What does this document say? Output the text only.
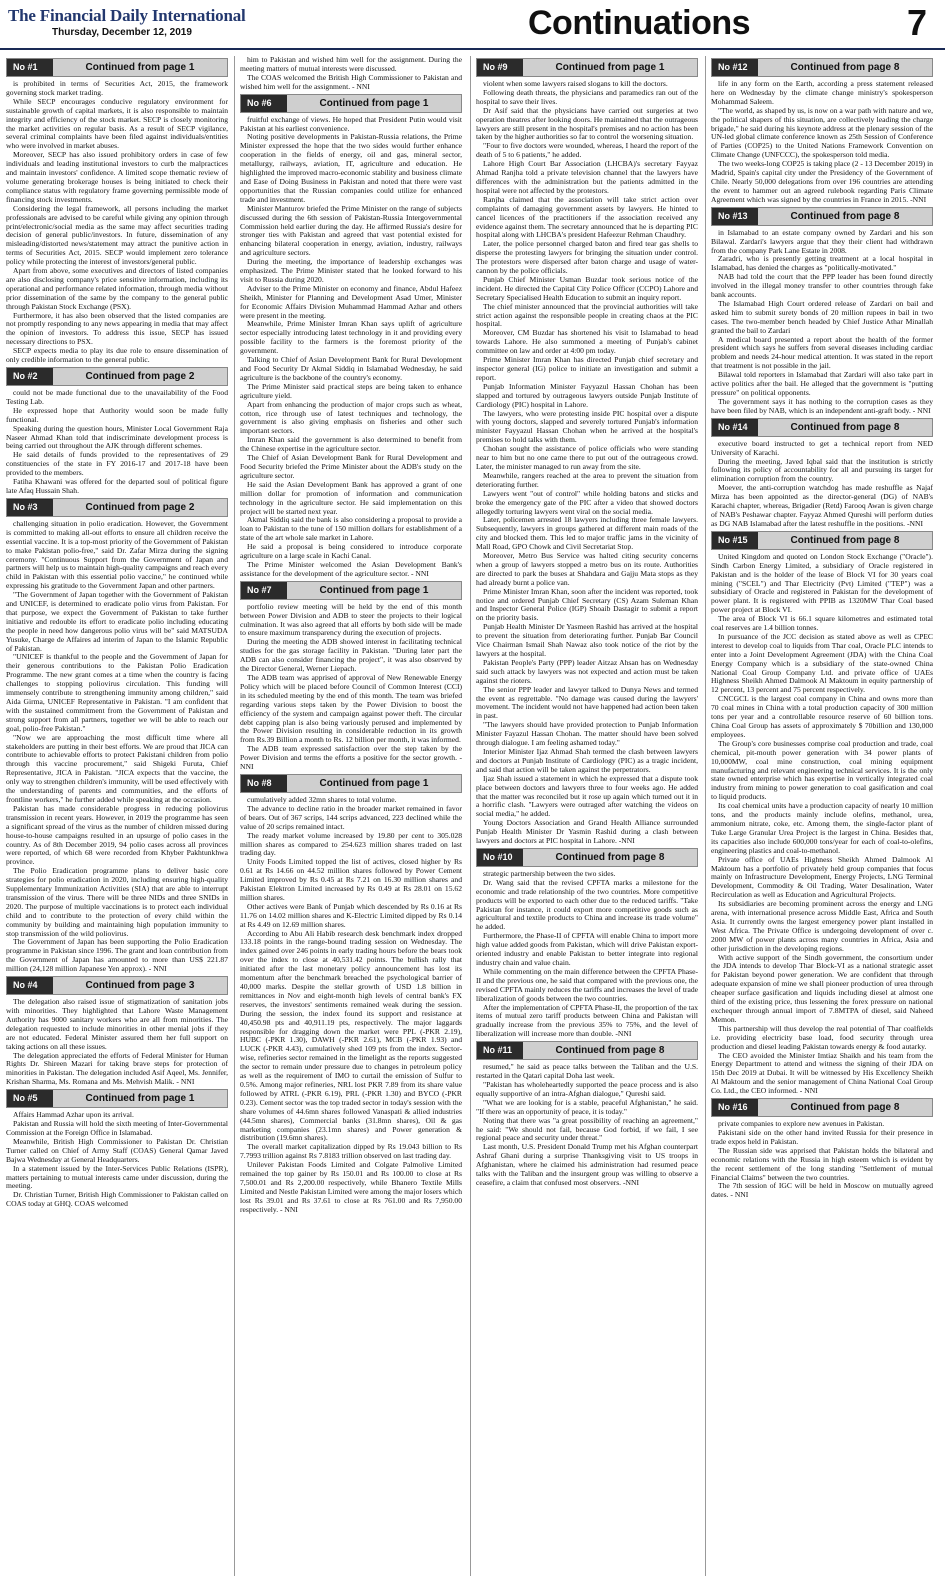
The Financial Daily International
Thursday, December 12, 2019	Continuations	7
No #1	Continued from page 1

is prohibited in terms of Securities Act, 2015, the framework governing stock market trading.

While SECP encourages conducive regulatory environment for sustainable growth of capital markets, it is also responsible to maintain integrity and efficiency of the stock market. SECP is closely monitoring the market activities on regular basis. As a result of SECP vigilance, several criminal complaints have been filed against individuals/entities who were involved in market abuses.

Moreover, SECP has also issued prohibitory orders in case of few individuals and leading institutional investors to curb the malpractices and maintain investors' confidence. A limited scope thematic review of volume generating brokerage houses is being initiated to check their compliance status with regulatory frame governing permissible mode of financing stock investments.

Considering the legal framework, all persons including the market professionals are advised to be careful while giving any opinion through print/electronic/social media as the same may affect securities trading decision of general public/investors. In future, dissemination of any misleading/distorted news/statement may attract the punitive action in terms of Securities Act, 2015. SECP would implement zero tolerance policy while protecting the interest of investors/general public.

Apart from above, some executives and directors of listed companies are also disclosing company's price sensitive information, including its operational and performance related information, through media without prior dissemination of the same by the company to the general public through Pakistan Stock Exchange (PSX).

Furthermore, it has also been observed that the listed companies are not promptly responding to any news appearing in media that may affect the opinion of investors. To address this issue, SECP has issued necessary directions to PSX.

SECP expects media to play its due role to ensure dissemination of only credible information to the general public.

No #2	Continued from page 2

could not be made functional due to the unavailability of the Food Testing Lab.

He expressed hope that Authority would soon be made fully functional.

Speaking during the question hours, Minister Local Government Raja Naseer Ahmad Khan told that indiscriminate development process is being carried out throughout the AJK through different schemes.

He said details of funds provided to the representatives of 29 constituencies of the state in FY 2016-17 and 2017-18 have been provided to the members.

Fatiha Khawani was offered for the departed soul of political figure late Afaq Hussain Shah.

No #3	Continued from page 2

challenging situation in polio eradication. However, the Government is committed to making all-out efforts to ensure all children receive the essential vaccine. It is a top-most priority of the Government of Pakistan to make Pakistan polio-free," said Dr. Zafar Mirza during the signing ceremony. "Continuous Support from the Government of Japan and partners will help us to maintain high-quality campaigns and reach every child in Pakistan with this essential polio vaccine," he continued while expressing his gratitude to the Government Japan and other partners.

"The Government of Japan together with the Government of Pakistan and UNICEF, is determined to eradicate polio virus from Pakistan. For that purpose, we expect the Government of Pakistan to take further initiative and redouble its effort to eradicate polio including educating the people in need how dangerous polio virus will be" said MATSUDA Yusuke, Charge de Affaires ad interim of Japan to the Islamic Republic of Pakistan.

"UNICEF is thankful to the people and the Government of Japan for their generous contributions to the Pakistan Polio Eradication Programme. The new grant comes at a time when the country is facing challenges to stopping poliovirus circulation. This funding will immensely contribute to strengthening immunity among children," said Aida Girma, UNICEF Representative in Pakistan. "I am confident that with the sustained commitment from the Government of Pakistan and strong support from all partners, together we will be able to reach our goal, polio-free Pakistan."

"Now we are approaching the most difficult time where all stakeholders are putting in their best efforts. We are proud that JICA can contribute to achievable efforts to protect Pakistani children from polio through this vaccine procurement," said Shigeki Furuta, Chief Representative, JICA in Pakistan. "JICA expects that the vaccine, the only way to strengthen children's immunity, will be used effectively with the understanding of parents and communities, and the efforts of frontline workers," he further added while speaking at the occasion.

Pakistan has made considerable progress in reducing poliovirus transmission in recent years. However, in 2019 the programme has seen a significant spread of the virus as the number of children missed during house-to-house campaigns resulted in an upsurge of polio cases in the country. As of 8th December 2019, 94 polio cases across all provinces were reported, of which 68 were recorded from Khyber Pakhtunkhwa province.

The Polio Eradication programme plans to deliver basic core strategies for polio eradication in 2020, including ensuring high-quality Supplementary Immunization Activities (SIA) that are able to interrupt transmission of the virus. There will be three NIDs and three SNIDs in 2020. The purpose of multiple vaccinations is to protect each individual child and to contribute to the protection of every child within the community by building and maintaining high population immunity to stop transmission of the wild poliovirus.

The Government of Japan has been supporting the Polio Eradication programme in Pakistan since 1996. The grant and loan contribution from the Government of Japan has amounted to more than US$ 221.87 million (24,128 million Japanese Yen approx). - NNI

No #4	Continued from page 3

The delegation also raised issue of stigmatization of sanitation jobs with minorities. They highlighted that Lahore Waste Management Authority has 9000 sanitary workers who are all from minorities. The delegation requested to include minorities in other menial jobs if they are not educated. Federal Minister assured them her full support on taking actions on all these issues.

The delegation appreciated the efforts of Federal Minister for Human Rights Dr. Shireen Mazari for taking brave steps for protection of minorities in Pakistan. The delegation included Asif Aqeel, Ms. Jennifer, Krishan Sharma, Ms. Romana and Ms. Mehvish Malik. - NNI

No #5	Continued from page 1

Affairs Hammad Azhar upon its arrival.

Pakistan and Russia will hold the sixth meeting of Inter-Governmental Commission at the Foreign Office in Islamabad.

Meanwhile, British High Commissioner to Pakistan Dr. Christian Turner called on Chief of Army Staff (COAS) General Qamar Javed Bajwa Wednesday at General Headquarters.

In a statement issued by the Inter-Services Public Relations (ISPR), matters pertaining to mutual interests came under discussion, during the meeting.

Dr. Christian Turner, British High Commissioner to Pakistan called on COAS today at GHQ. COAS welcomed

him to Pakistan and wished him well for the assignment. During the meeting matters of mutual interests were discussed.

The COAS welcomed the British High Commissioner to Pakistan and wished him well for the assignment. - NNI

No #6	Continued from page 1

fruitful exchange of views. He hoped that President Putin would visit Pakistan at his earliest convenience.

Noting positive developments in Pakistan-Russia relations, the Prime Minister expressed the hope that the two sides would further enhance cooperation in the fields of energy, oil and gas, mineral sector, metallurgy, railways, aviation, IT, agriculture and education. He highlighted the improved macro-economic stability and business climate and Ease of Doing Business in Pakistan and noted that there were vast opportunities that the Russian companies could utilize for enhanced trade and investment.

Minister Manturov briefed the Prime Minister on the range of subjects discussed during the 6th session of Pakistan-Russia Intergovernmental Commission held earlier during the day. He affirmed Russia's desire for stronger ties with Pakistan and agreed that vast potential existed for enhancing bilateral cooperation in energy, aviation, industry, railways and agriculture sectors.

During the meeting, the importance of leadership exchanges was emphasized. The Prime Minister stated that he looked forward to his visit to Russia during 2020.

Adviser to the Prime Minister on economy and finance, Abdul Hafeez Sheikh, Minister for Planning and Development Asad Umer, Minister for Economic Affairs Division Muhammad Hammad Azhar and others were present in the meeting.

Meanwhile, Prime Minister Imran Khan says uplift of agriculture sector especially introducing latest technology in it and providing every possible facility to the farmers is the foremost priority of the government.

Talking to Chief of Asian Development Bank for Rural Development and Food Security Dr Akmal Siddiq in Islamabad Wednesday, he said agriculture is the backbone of the country's economy.

The Prime Minister said practical steps are being taken to enhance agriculture yield.

Apart from enhancing the production of major crops such as wheat, cotton, rice through use of latest techniques and technology, the government is also giving emphasis on fisheries and other such important sectors.

Imran Khan said the government is also determined to benefit from the Chinese expertise in the agriculture sector.

The Chief of Asian Development Bank for Rural Development and Food Security briefed the Prime Minister about the ADB's study on the agriculture sector.

He said the Asian Development Bank has approved a grant of one million dollar for promotion of information and communication technology in the agriculture sector. He said implementation on this project will be started next year.

Akmal Siddiq said the bank is also considering a proposal to provide a loan to Pakistan to the tune of 150 million dollars for establishment of a state of the art whole sale market in Lahore.

He said a proposal is being considered to introduce corporate agriculture on a large scale in Kachi Canal.

The Prime Minister welcomed the Asian Development Bank's assistance for the development of the agriculture sector. - NNI

No #7	Continued from page 1

portfolio review meeting will be held by the end of this month between Power Division and ADB to steer the projects to their logical culmination. It was also agreed that all efforts by both side will be made to ensure maximum transparency during the execution of projects.

During the meeting the ADB showed interest in facilitating technical studies for the gas storage facility in Pakistan. "During later part the ADB can also consider financing the project", it was also observed by the Director General, Werner Liepach.

The ADB team was apprised of approval of New Renewable Energy Policy which will be placed before Council of Common Interest (CCI) in its scheduled meeting by the end of this month. The team was briefed regarding various steps taken by the Power Division to boost the efficiency of the system and campaign against power theft. The circular debt capping plan is also being variously perused and implemented by the Power Division resulting in considerable reduction in its growth from Rs.39 Billion a month to Rs. 12 billion per month, it was informed.

The ADB team expressed satisfaction over the step taken by the Power Division and terms the efforts a positive for the sector growth. - NNI

No #8	Continued from page 1

cumulatively added 32mn shares to total volume.

The advance to decline ratio in the broader market remained in favor of bears. Out of 367 scrips, 144 scrips advanced, 223 declined while the value of 20 scrips remained intact.

The ready market volume increased by 19.80 per cent to 305.028 million shares as compared to 254.623 million shares traded on last trading day.

Unity Foods Limited topped the list of actives, closed higher by Rs 0.61 at Rs 14.66 on 44.52 million shares followed by Power Cement Limited improved by Rs 0.45 at Rs 7.21 on 16.30 million shares and Pakistan Elektron Limited increased by Rs 0.49 at Rs 28.01 on 15.62 million shares.

Other actives were Bank of Punjab which descended by Rs 0.16 at Rs 11.76 on 14.02 million shares and K-Electric Limited dipped by Rs 0.14 at Rs 4.49 on 12.69 million shares.

According to Abu Ali Habib research desk benchmark index dropped 133.18 points in the range-bound trading session on Wednesday. The index gained over 246 points in early trading hours before the bears took over the index to close at 40,531.42 points. The bullish rally that initiated after the last monetary policy announcement has lost its momentum after the benchmark breached the psychological barrier of 40,000 marks. Despite the stellar growth of USD 1.8 billion in remittances in Nov and eight-month high levels of central bank's FX reserves, the investors' sentiments remained weak during the session. During the session, the index found its support and resistance at 40,450.98 pts and 40,911.19 pts, respectively. The major laggards responsible for dragging down the market were PPL (-PKR 2.19), HUBC (-PKR 1.30), DAWH (-PKR 2.61), MCB (-PKR 1.93) and LUCK (-PKR 4.43), cumulatively shed 109 pts from the index. Sector-wise, refineries sector remained in the limelight as the reports suggested the sector to remain under pressure due to changes in petroleum policy as well as the requirement of IMO to curtail the emission of Sulfur to 0.5%. Among major refineries, NRL lost PKR 7.89 from its share value followed by ATRL (-PKR 6.19), PRL (-PKR 1.30) and BYCO (-PKR 0.23). Cement sector was the top traded sector in today's session with the share volumes of 44.6mn shares followed Vanaspati & allied industries (44.5mn shares), Commercial banks (31.8mn shares), Oil & gas marketing companies (23.1mn shares) and Power generation & distribution (19.6mn shares).

The overall market capitalization dipped by Rs 19.043 billion to Rs 7.7993 trillion against Rs 7.8183 trillion observed on last trading day.

Unilever Pakistan Foods Limited and Colgate Palmolive Limited remained the top gainer by Rs 150.01 and Rs 100.00 to close at Rs 7,500.01 and Rs 2,200.00 respectively, while Bhanero Textile Mills Limited and Nestle Pakistan Limited were among the major losers which lost Rs 39.01 and Rs 37.61 to close at Rs 761.00 and Rs 7,950.00 respectively. - NNI

No #9	Continued from page 1

violent when some lawyers raised slogans to kill the doctors.

Following death threats, the physicians and paramedics ran out of the hospital to save their lives.

Dr Asif said that the physicians have carried out surgeries at two operation theatres after looking doors. He maintained that the outrageous lawyers are still present in the hospital's premises and no action has been taken by the higher authorities so far to control the worsening situation.

"Four to five doctors were wounded, whereas, I heard the report of the death of 5 to 6 patients," he added.

Lahore High Court Bar Association (LHCBA)'s secretary Fayyaz Ahmad Ranjha told a private television channel that the lawyers have differences with the administration but the patients admitted in the hospital were not affected by the protestors.

Ranjha claimed that the association will take strict action over complaints of damaging government assets by lawyers. He hinted to cancel licences of the practitioners if the association received any evidence against them. The secretary announced that he is departing PIC hospital along with LHCBA's president Hafeezur Rehman Chaudhry.

Later, the police personnel charged baton and fired tear gas shells to disperse the protesting lawyers for bringing the situation under control. The protestors were dispersed after baton charge and usage of water-cannon by the police officials.

Punjab Chief Minister Usman Buzdar took serious notice of the incident. He directed the Capital City Police Officer (CCPO) Lahore and Secretary Specialised Health Education to submit an inquiry report.

The chief minister announced that the provincial authorities will take strict action against the responsible people in creating chaos at the PIC hospital.

Moreover, CM Buzdar has shortened his visit to Islamabad to head towards Lahore. He also summoned a meeting of Punjab's cabinet committee on law and order at 4:00 pm today.

Prime Minister Imran Khan has directed Punjab chief secretary and inspector general (IG) police to initiate an investigation and submit a report.

Punjab Information Minister Fayyazul Hassan Chohan has been slapped and tortured by outrageous lawyers outside Punjab Institute of Cardiology (PIC) hospital in Lahore.

The lawyers, who were protesting inside PIC hospital over a dispute with young doctors, slapped and severely tortured Punjab's information minister Fayyazul Hassan Chohan when he arrived at the hospital's premises to hold talks with them.

Chohan sought the assistance of police officials who were standing near to him but no one came there to put out of the outrageous crowd. Later, the minister managed to run away from the site.

Meanwhile, rangers reached at the area to prevent the situation from deteriorating further.

Lawyers went "out of control" while holding batons and sticks and broke the emergency gate of the PIC after a video that showed doctors allegedly torturing lawyers went viral on the social media.

Later, policemen arrested 18 lawyers including three female lawyers. Subsequently, lawyers in groups gathered at different main roads of the city and blocked them. This led to major traffic jams in the vicinity of Mall Road, GPO Chowk and Civil Secretariat Stop.

Moreover, Metro Bus Service was halted citing security concerns when a group of lawyers stopped a metro bus on its route. Authorities are directed to park the buses at Shahdara and Gajju Mata stops as they had already burnt a police van.

Prime Minister Imran Khan, soon after the incident was reported, took notice and ordered Punjab Chief Secretary (CS) Azam Suleman Khan and Inspector General Police (IGP) Shoaib Dastagir to submit a report on the priority basis.

Punjab Health Minister Dr Yasmeen Rashid has arrived at the hospital to prevent the situation from deteriorating further. Punjab Bar Council Vice Chairman Ismail Shah Nawaz also took notice of the riot by the lawyers at the hospital.

Pakistan People's Party (PPP) leader Aitzaz Ahsan has on Wednesday said such attack by lawyers was not expected and action must be taken against the rioters.

The senior PPP leader and lawyer talked to Dunya News and termed the event as regrettable. "No damage was caused during the lawyers' movement. The incident would not have happened had action been taken in past.

"The lawyers should have provided protection to Punjab Information Minister Fayazul Hassan Chohan. The matter should have been solved through dialogue. I am feeling ashamed today."

Interior Minister Ijaz Ahmad Shah termed the clash between lawyers and doctors at Punjab Institute of Cardiology (PIC) as a tragic incident, and said that action will be taken against the perpetrators.

Ijaz Shah issued a statement in which he expressed that a dispute took place between doctors and lawyers three to four weeks ago. He added that the matter was reconciled but it rose up again which turned out it in a horrific clash. "Lawyers were outraged after watching the videos on social media," he added.

Young Doctors Association and Grand Health Alliance surrounded Punjab Health Minister Dr Yasmin Rashid during a clash between lawyers and doctors at PIC hospital in Lahore. -NNI

No #10	Continued from page 8

strategic partnership between the two sides.

Dr. Wang said that the revised CPFTA marks a milestone for the economic and trade relationship of the two countries. More competitive products will be exported to each other due to the reduced tariffs. "Take Pakistan for instance, it could export more competitive goods such as agricultural and textile products to China and increase its trade volume" he added.

Furthermore, the Phase-II of CPFTA will enable China to import more high value added goods from Pakistan, which will drive Pakistan export-oriented industry and enable Pakistan to better integrate into regional industry chain and value chain.

While commenting on the main difference between the CPFTA Phase-II and the previous one, he said that compared with the previous one, the revised CPFTA mainly reduces the tariffs and increases the level of trade liberalization of goods between the two countries.

After the implementation of CPFTA Phase-II, the proportion of the tax items of mutual zero tariff products between China and Pakistan will gradually increase from the previous 35% to 75%, and the level of liberalization will increase more than double. -NNI

No #11	Continued from page 8

resumed," he said as peace talks between the Taliban and the U.S. restarted in the Qatari capital Doha last week.

"Pakistan has wholeheartedly supported the peace process and is also equally supportive of an intra-Afghan dialogue," Qureshi said.

"What we are looking for is a stable, peaceful Afghanistan," he said. "If there was an opportunity of peace, it is today."

Noting that there was "a great possibility of reaching an agreement," he said: "We should not fail, because God forbid, if we fail, I see regional peace and security under threat."

Last month, U.S. President Donald Trump met his Afghan counterpart Ashraf Ghani during a surprise Thanksgiving visit to US troops in Afghanistan, where he claimed his administration had resumed peace talks with the Taliban and the insurgent group was willing to observe a ceasefire, a claim that confused most observers. -NNI

No #12	Continued from page 8

life in any form on the Earth, according a press statement released here on Wednesday by the climate change ministry's spokesperson Mohammad Saleem.

"The world, as shaped by us, is now on a war path with nature and we, the political shapers of this situation, are collectively leading the charge brigade," he said during his keynote address at the plenary session of the UN-led global climate conference known as 25th Session of Conference of Parties (COP25) to the United Nations Framework Convention on Climate Change (UNFCCC), the spokesperson told media.

The two weeks-long COP25 is taking place (2 - 13 December 2019) in Madrid, Spain's capital city under the Presidency of the Government of Chile. Nearly 50,000 delegations from over 196 countries are attending the event to hammer out an agreed rulebook regarding Paris Climate Agreement which was signed by the countries in France in 2015. -NNI

No #13	Continued from page 8

in Islamabad to an estate company owned by Zardari and his son Bilawal. Zardari's lawyers argue that they their client had withdrawn from the company Park Lane Estate in 2008.

Zaradri, who is presently getting treatment at a local hospital in Islamabad, has denied the charges as "politically-motivated."

NAB had told the court that the PPP leader has been found directly involved in the illegal money transfer to other countries through fake bank accounts.

The Islamabad High Court ordered release of Zardari on bail and asked him to submit surety bonds of 20 million rupees in bail in two cases. The two-member bench headed by Chief Justice Athar Minallah granted the bail to Zardari

A medical board presented a report about the health of the former president which says he suffers from several diseases including cardiac problem and needs 24-hour medical attention. It was stated in the report that treatment is not possible in the jail.

Bilawal told reporters in Islamabad that Zardari will also take part in active politics after the bail. He alleged that the government is "putting pressure" on political opponents.

The government says it has nothing to the corruption cases as they have been filed by NAB, which is an independent anti-graft body. - NNI

No #14	Continued from page 8

executive board instructed to get a technical report from NED University of Karachi.

During the meeting, Javed Iqbal said that the institution is strictly following its policy of accountability for all and pursuing its target for elimination corruption from the country.

Moever, the anti-corruption watchdog has made reshuffle as Najaf Mirza has been appointed as the director-general (DG) of NAB's Karachi chapter, whereas, Brigadier (Retd) Farooq Awan is given charge of NAB's Peshawar chapter. Fayyaz Ahmed Qureshi will perform duties as DG NAB Islamabad after the latest reshuffle in the positions. -NNI

No #15	Continued from page 8

United Kingdom and quoted on London Stock Exchange ("Oracle"). Sindh Carbon Energy Limited, a subsidiary of Oracle registered in Pakistan and is the holder of the lease of Block VI for 30 years coal mining ("SCEL") and Thar Electricity (Pvt) Limited ("TEP") was a subsidiary of Oracle and registered in Pakistan for the development of power plant. It is registered with PPIB as 1320MW Thar Coal based power project at Block VI.

The area of Block VI is 66.1 square kilometres and estimated total coal reserves are 1.4 billion tonnes.

In pursuance of the JCC decision as stated above as well as CPEC interest to develop coal to liquids from Thar coal, Oracle PLC intends to enter into a Joint Development Agreement (JDA) with the China Coal Energy Company which is a subsidiary of the state-owned China National Coal Group Company Ltd. and private office of UAEs Highness Sheikh Ahmed Dalmook Al Maktoum in equity partnership of 12 percent, 13 percent and 75 percent respectively.

CNCGCL is the largest coal company in China and owns more than 70 coal mines in China with a total production capacity of 300 million tons per year and a controllable resource reserve of 60 billion tons. China Coal Group has assets of approximately $ 70billion and 130,000 employees.

The Group's core businesses comprise coal production and trade, coal chemical, pit-mouth power generation with 34 power plants of 10,000MW, coal mine construction, coal mining equipment manufacturing and relevant engineering technical services. It is the only state owned enterprise which has expertise in vertically integrated coal industry from mining to power generation to coal gasification and coal to liquid products.

Its coal chemical units have a production capacity of nearly 10 million tons, and the products mainly include olefins, methanol, urea, ammonium nitrate, coke, etc. Among them, the single-factor plant of Tuke Large Granular Urea Project is the largest in China. Besides that, its capacities also include 600,000 tons/year for each of coal-to-olefins, engineering plastics and coal-to-methanol.

Private office of UAEs Highness Sheikh Ahmed Dalmook Al Maktoum has a portfolio of privately held group companies that focus mainly on Infrastructure Development, Energy Projects, LNG Terminal Development, Commodity & Oil Trading, Water Desalination, Water Recirculation as well as Education and Agricultural Projects.

Its subsidiaries are becoming prominent across the energy and LNG arena, with international presence across Middle East, Africa and South Asia. It currently owns the largest emergency power plant installed in West Africa. The Private Office is undergoing development of over c. 2000 MW of power plants across many countries in Africa, Asia and other jurisdiction in the developing regions.

With active support of the Sindh government, the consortium under the JDA intends to develop Thar Block-VI as a national strategic asset for Pakistan beyond power generation. We are confident that through adequate expansion of mine we shall pioneer production of urea through cheaper surface gasification and liquids including diesel at almost one third of the existing price, thus lessening the forex pressure on national exchequer through annual import of 7.8MTPA of diesel, said Naheed Memon.

This partnership will thus develop the real potential of Thar coalfields i.e. providing electricity base load, food security through urea production and diesel leading Pakistan towards energy & food autarky.

The CEO avoided the Minister Imtiaz Shaikh and his team from the Energy Department to attend and witness the signing of their JDA on 15th Dec 2019 at Dubai. It will be witnessed by His Excellency Sheikh Al Maktoum and the senior management of China National Coal Group Co. Ltd., the CEO informed. - NNI

No #16	Continued from page 8

private companies to explore new avenues in Pakistan.

Pakistani side on the other hand invited Russia for their presence in trade expos held in Pakistan.

The Russian side was apprised that Pakistan holds the bilateral and economic relations with the Russia in high esteem which is evident by the recent settlement of the long standing "Settlement of mutual Financial Claims" between the two countries.

The 7th session of IGC will be held in Moscow on mutually agreed dates. - NNI
